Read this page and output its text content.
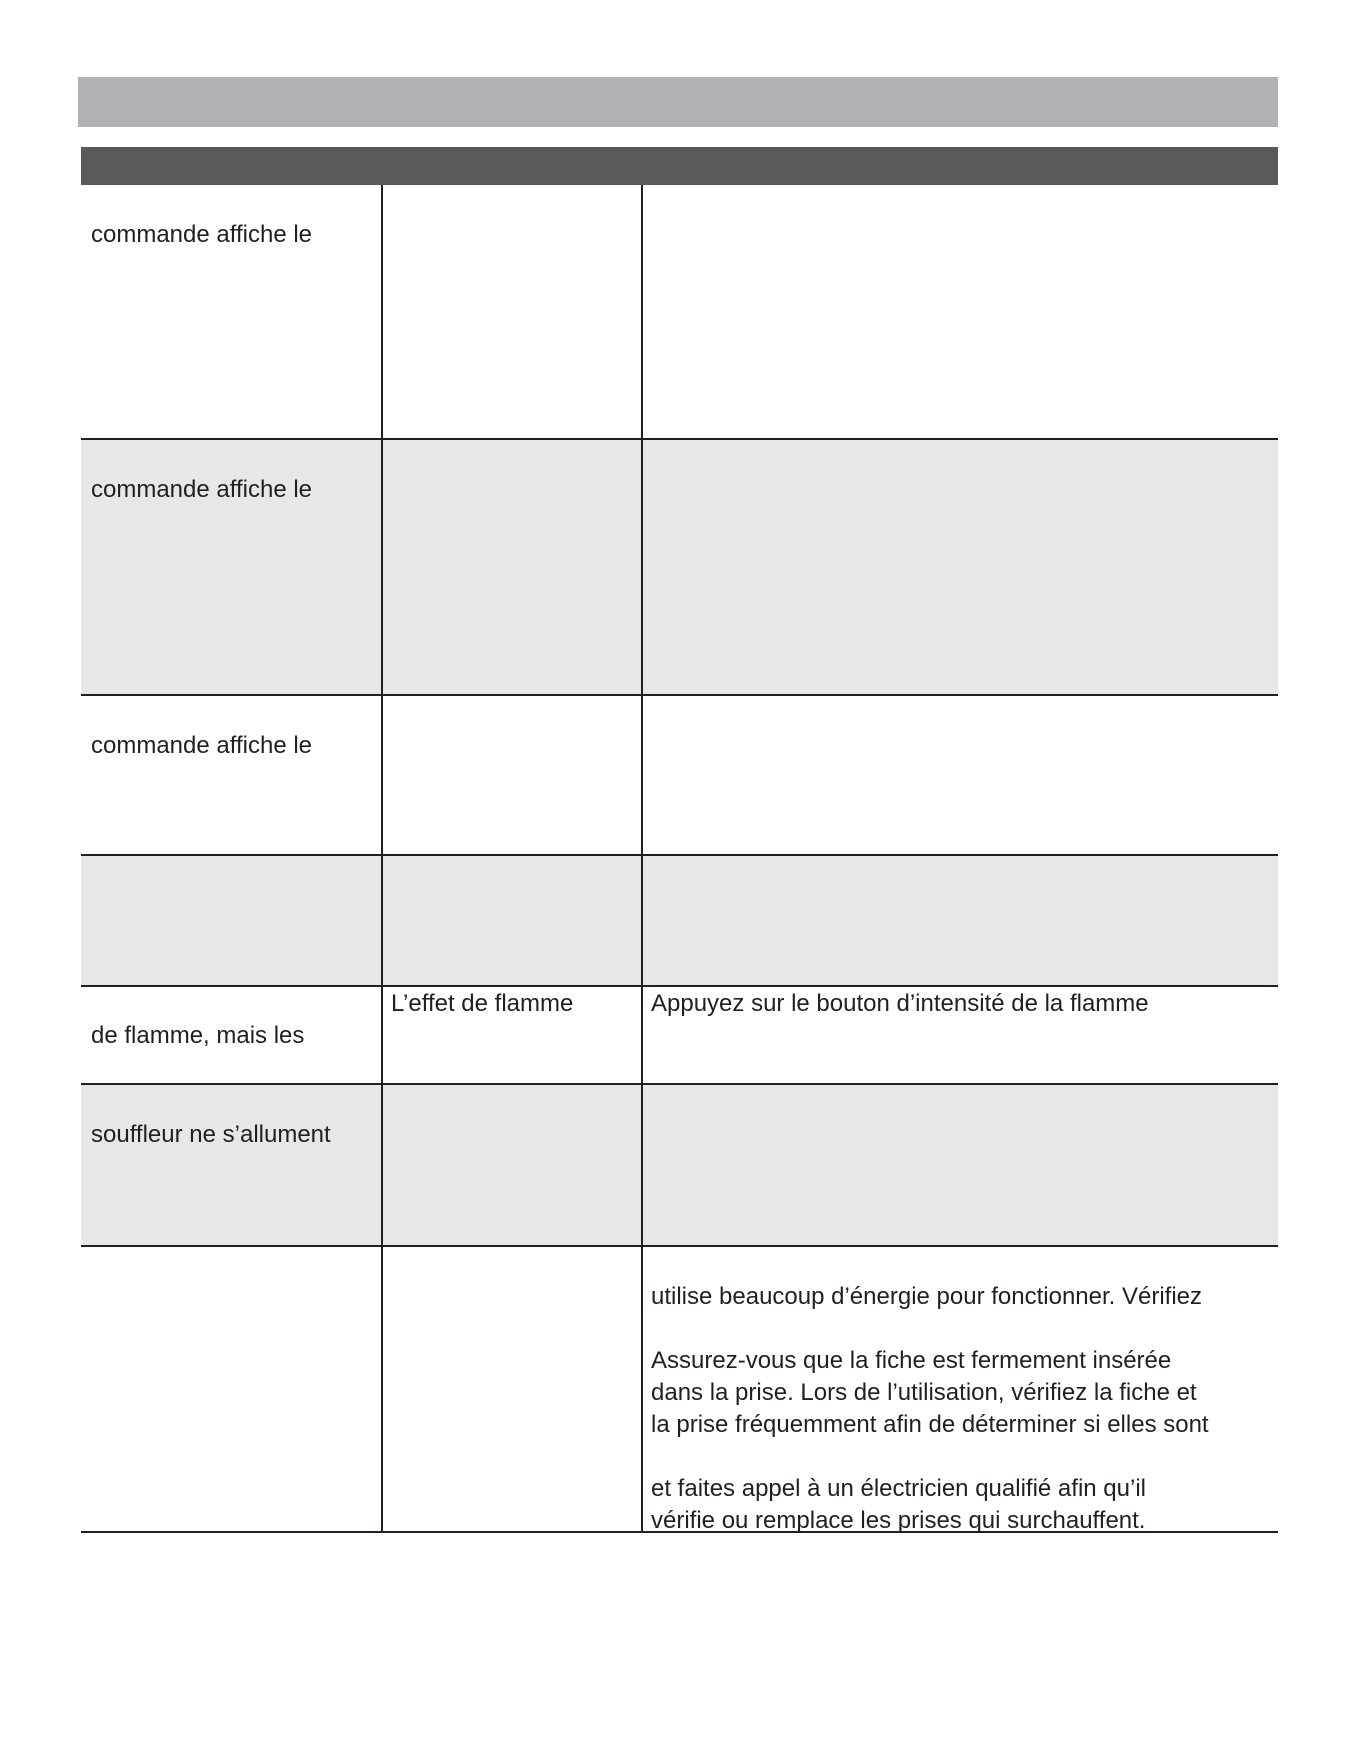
commande affiche le

commande affiche le

commande affiche le

de flamme, mais les

L’effet de flamme	Appuyez sur le bouton d’intensité de la flamme

souffleur ne s’allument

utilise beaucoup d’énergie pour fonctionner. Vérifiez

Assurez-vous que la fiche est fermement insérée

dans la prise. Lors de l’utilisation, vérifiez la fiche et

la prise fréquemment afin de déterminer si elles sont

et faites appel à un électricien qualifié afin qu’il

vérifie ou remplace les prises qui surchauffent.
